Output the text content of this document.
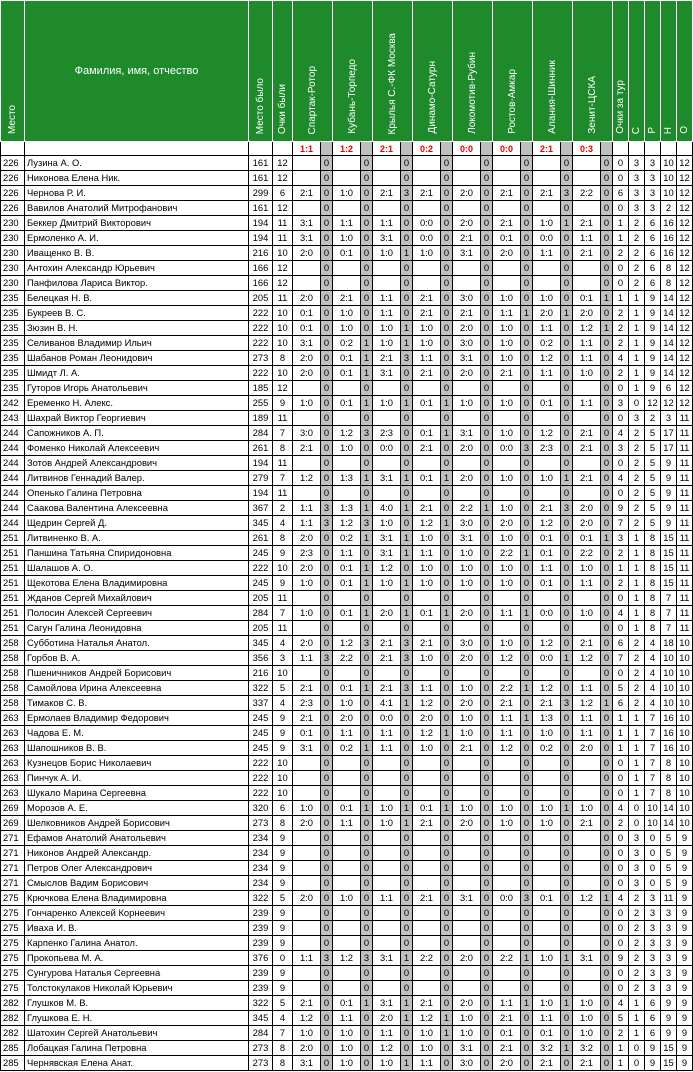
Место	Фамилия, имя, отчество	Место было	Очки были	Спартак-Ротор		Кубань-Торпедо		Крылья С.-ФК Москва		Динамо-Сатурн		Локомотив-Рубин		Ростов-Амкар		Алания-Шинник		Зенит-ЦСКА		Очки за тур	С	Р	Н	О
				1:1		1:2		2:1		0:2		0:0		0:0		2:1		0:3						
226	Лузина А. О.	161	12		0		0		0		0		0		0		0		0	0	3	3	10	12
226	Никонова Елена Ник.	161	12		0		0		0		0		0		0		0		0	0	3	3	10	12
226	Чернова Р. И.	299	6	2:1	0	1:0	0	2:1	3	2:1	0	2:0	0	2:1	0	2:1	3	2:2	0	6	3	3	10	12
226	Вавилов Анатолий Митрофанович	161	12		0		0		0		0		0		0		0		0	0	3	3	2	12
230	Беккер Дмитрий Викторович	194	11	3:1	0	1:1	0	1:1	0	0:0	0	2:0	0	2:1	0	1:0	1	2:1	0	1	2	6	16	12
230	Ермоленко А. И.	194	11	3:1	0	1:0	0	3:1	0	0:0	0	2:1	0	0:1	0	0:0	0	1:1	0	1	2	6	16	12
230	Иващенко В. В.	216	10	2:0	0	0:1	0	1:0	1	1:0	0	3:1	0	2:0	0	1:1	0	2:1	0	2	2	6	16	12
230	Антохин Александр Юрьевич	166	12		0		0		0		0		0		0		0		0	0	2	6	8	12
230	Панфилова Лариса Виктор.	166	12		0		0		0		0		0		0		0		0	0	2	6	8	12
235	Белецкая Н. В.	205	11	2:0	0	2:1	0	1:1	0	2:1	0	3:0	0	1:0	0	1:0	0	0:1	1	1	1	9	14	12
235	Букреев В. С.	222	10	0:1	0	1:0	0	1:1	0	2:1	0	2:1	0	1:1	1	2:0	1	2:0	0	2	1	9	14	12
235	Зюзин В. Н.	222	10	0:1	0	1:0	0	1:0	1	1:0	0	2:0	0	1:0	0	1:1	0	1:2	1	2	1	9	14	12
235	Селиванов Владимир Ильич	222	10	3:1	0	0:2	1	1:0	1	1:0	0	3:0	0	1:0	0	0:2	0	1:1	0	2	1	9	14	12
235	Шабанов Роман Леонидович	273	8	2:0	0	0:1	1	2:1	3	1:1	0	3:1	0	1:0	0	1:2	0	1:1	0	4	1	9	14	12
235	Шмидт Л. А.	222	10	2:0	0	0:1	1	3:1	0	2:1	0	2:0	0	2:1	0	1:1	0	1:0	0	2	1	9	14	12
235	Гуторов Игорь Анатольевич	185	12		0		0		0		0		0		0		0		0	0	1	9	6	12
242	Еременко Н. Алекс.	255	9	1:0	0	0:1	1	1:0	1	0:1	1	1:0	0	1:0	0	0:1	0	1:1	0	3	0	12	12	12
243	Шахрай Виктор Георгиевич	189	11		0		0		0		0		0		0		0		0	0	3	2	3	11
244	Сапожников А. П.	284	7	3:0	0	1:2	3	2:3	0	0:1	1	3:1	0	1:0	0	1:2	0	2:1	0	4	2	5	17	11
244	Фоменко Николай Алексеевич	261	8	2:1	0	1:0	0	0:0	0	2:1	0	2:0	0	0:0	3	2:3	0	2:1	0	3	2	5	17	11
244	Зотов Андрей Александрович	194	11		0		0		0		0		0		0		0		0	0	2	5	9	11
244	Литвинов Геннадий Валер.	279	7	1:2	0	1:3	1	3:1	1	0:1	1	2:0	0	1:0	0	1:0	1	2:1	0	4	2	5	9	11
244	Опенько Галина Петровна	194	11		0		0		0		0		0		0		0		0	0	2	5	9	11
244	Саакова Валентина Алексеевна	367	2	1:1	3	1:3	1	4:0	1	2:1	0	2:2	1	1:0	0	2:1	3	2:0	0	9	2	5	9	11
244	Щедрин Сергей Д.	345	4	1:1	3	1:2	3	1:0	0	1:2	1	3:0	0	2:0	0	1:2	0	2:0	0	7	2	5	9	11
251	Литвиненко В. А.	261	8	2:0	0	0:2	1	3:1	1	1:0	0	3:1	0	1:0	0	0:1	0	0:1	1	3	1	8	15	11
251	Паншина Татьяна Спиридоновна	245	9	2:3	0	1:1	0	3:1	1	1:1	0	1:0	0	2:2	1	0:1	0	2:2	0	2	1	8	15	11
251	Шалашов А. О.	222	10	2:0	0	0:1	1	1:2	0	1:0	0	1:0	0	1:0	0	1:1	0	1:0	0	1	1	8	15	11
251	Щекотова Елена Владимировна	245	9	1:0	0	0:1	1	1:0	1	1:0	0	1:0	0	1:0	0	0:1	0	1:1	0	2	1	8	15	11
251	Жданов Сергей Михайлович	205	11		0		0		0		0		0		0		0		0	0	1	8	7	11
251	Полосин Алексей Сергеевич	284	7	1:0	0	0:1	1	2:0	1	0:1	1	2:0	0	1:1	1	0:0	0	1:0	0	4	1	8	7	11
251	Сагун Галина Леонидовна	205	11		0		0		0		0		0		0		0		0	0	1	8	7	11
258	Субботина Наталья Анатол.	345	4	2:0	0	1:2	3	2:1	3	2:1	0	3:0	0	1:0	0	1:2	0	2:1	0	6	2	4	18	10
258	Горбов В. А.	356	3	1:1	3	2:2	0	2:1	3	1:0	0	2:0	0	1:2	0	0:0	1	1:2	0	7	2	4	10	10
258	Пшеничников Андрей Борисович	216	10		0		0		0		0		0		0		0		0	0	2	4	10	10
258	Самойлова Ирина Алексеевна	322	5	2:1	0	0:1	1	2:1	3	1:1	0	1:0	0	2:2	1	1:2	0	1:1	0	5	2	4	10	10
258	Тимаков С. В.	337	4	2:3	0	1:0	0	4:1	1	1:2	0	2:0	0	2:1	0	2:1	3	1:2	1	6	2	4	10	10
263	Ермолаев Владимир Федорович	245	9	2:1	0	2:0	0	0:0	0	2:0	0	1:0	0	1:1	1	1:3	0	1:1	0	1	1	7	16	10
263	Чадова Е. М.	245	9	0:1	0	1:1	0	1:1	0	1:2	1	1:0	0	1:1	0	1:0	0	1:1	0	1	1	7	16	10
263	Шапошников В. В.	245	9	3:1	0	0:2	1	1:1	0	1:0	0	2:1	0	1:2	0	0:2	0	2:0	0	1	1	7	16	10
263	Кузнецов Борис Николаевич	222	10		0		0		0		0		0		0		0		0	0	1	7	8	10
263	Пинчук А. И.	222	10		0		0		0		0		0		0		0		0	0	1	7	8	10
263	Шукало Марина Сергеевна	222	10		0		0		0		0		0		0		0		0	0	1	7	8	10
269	Морозов А. Е.	320	6	1:0	0	0:1	1	1:0	1	0:1	1	1:0	0	1:0	0	1:0	1	1:0	0	4	0	10	14	10
269	Шелковников Андрей Борисович	273	8	2:0	0	1:1	0	1:0	1	2:1	0	2:0	0	1:0	0	1:0	0	2:1	0	2	0	10	14	10
271	Ефамов Анатолий Анатольевич	234	9		0		0		0		0		0		0		0		0	0	3	0	5	9
271	Никонов Андрей Александр.	234	9		0		0		0		0		0		0		0		0	0	3	0	5	9
271	Петров Олег Александрович	234	9		0		0		0		0		0		0		0		0	0	3	0	5	9
271	Смыслов Вадим Борисович	234	9		0		0		0		0		0		0		0		0	0	3	0	5	9
275	Крючкова Елена Владимировна	322	5	2:0	0	1:0	0	1:1	0	2:1	0	3:1	0	0:0	3	0:1	0	1:2	1	4	2	3	11	9
275	Гончаренко Алексей Корнеевич	239	9		0		0		0		0		0		0		0		0	0	2	3	3	9
275	Иваха И. В.	239	9		0		0		0		0		0		0		0		0	0	2	3	3	9
275	Карпенко Галина Анатол.	239	9		0		0		0		0		0		0		0		0	0	2	3	3	9
275	Прокопьева М. А.	376	0	1:1	3	1:2	3	3:1	1	2:2	0	2:0	0	2:2	1	1:0	1	3:1	0	9	2	3	3	9
275	Сунгурова Наталья Сергеевна	239	9		0		0		0		0		0		0		0		0	0	2	3	3	9
275	Толстокулаков Николай Юрьевич	239	9		0		0		0		0		0		0		0		0	0	2	3	3	9
282	Глушков М. В.	322	5	2:1	0	0:1	1	3:1	1	2:1	0	2:0	0	1:1	1	1:0	1	1:0	0	4	1	6	9	9
282	Глушкова Е. Н.	345	4	1:2	0	1:1	0	2:0	1	1:2	1	1:0	0	2:1	0	1:1	0	1:0	0	5	1	6	9	9
282	Шатохин Сергей Анатольевич	284	7	1:0	0	1:0	0	1:1	0	1:0	1	1:0	0	0:1	0	0:1	0	1:0	0	2	1	6	9	9
285	Лобацкая Галина Петровна	273	8	2:0	0	1:0	0	1:2	0	1:0	0	3:1	0	2:1	0	3:2	1	3:2	0	1	0	9	15	9
285	Чернявская Елена Анат.	273	8	3:1	0	1:0	0	1:0	1	1:1	0	3:0	0	2:0	0	2:1	0	2:1	0	1	0	9	15	9
